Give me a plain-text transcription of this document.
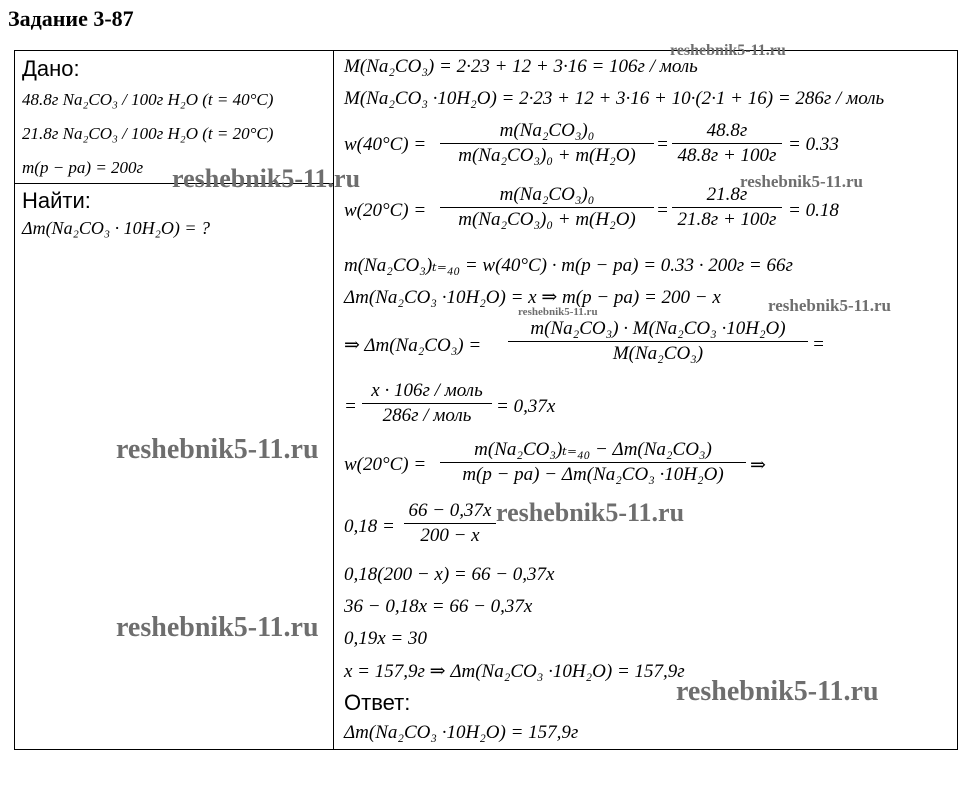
Задание 3-87
Дано:
48.8г Na₂CO₃ / 100г H₂O (t = 40°C)
21.8г Na₂CO₃ / 100г H₂O (t = 20°C)
m(p − pa) = 200г
Найти:
Δm(Na₂CO₃ · 10H₂O) = ?
M(Na₂CO₃) = 2·23 + 12 + 3·16 = 106г / моль
M(Na₂CO₃ ·10H₂O) = 2·23 + 12 + 3·16 + 10·(2·1 + 16) = 286г / моль
w(40°C) =
m(Na₂CO₃)₀
m(Na₂CO₃)₀ + m(H₂O)
=
48.8г
48.8г + 100г
= 0.33
w(20°C) =
m(Na₂CO₃)₀
m(Na₂CO₃)₀ + m(H₂O)	=
21.8г
21.8г + 100г = 0.18
m(Na₂CO₃)ₜ₌₄₀ = w(40°C) · m(p − pa) = 0.33 · 200г = 66г
Δm(Na₂CO₃ ·10H₂O) = x ⇒ m(p − pa) = 200 − x
⇒ Δm(Na₂CO₃) =
m(Na₂CO₃) · M(Na₂CO₃ ·10H₂O)
M(Na₂CO₃)	=
=
x · 106г / моль
286г / моль	= 0,37x
w(20°C) =
m(Na₂CO₃)ₜ₌₄₀ − Δm(Na₂CO₃)
m(p − pa) − Δm(Na₂CO₃ ·10H₂O)	⇒
0,18 =
66 − 0,37x
200 − x
0,18(200 − x) = 66 − 0,37x
36 − 0,18x = 66 − 0,37x
0,19x = 30
x = 157,9г ⇒ Δm(Na₂CO₃ ·10H₂O) = 157,9г
Ответ:
Δm(Na₂CO₃ ·10H₂O) = 157,9г
reshebnik5-11.ru
reshebnik5-11.ru	reshebnik5-11.ru
reshebnik5-11.ru
reshebnik5-11.ru
reshebnik5-11.ru
reshebnik5-11.ru
reshebnik5-11.ru
reshebnik5-11.ru
